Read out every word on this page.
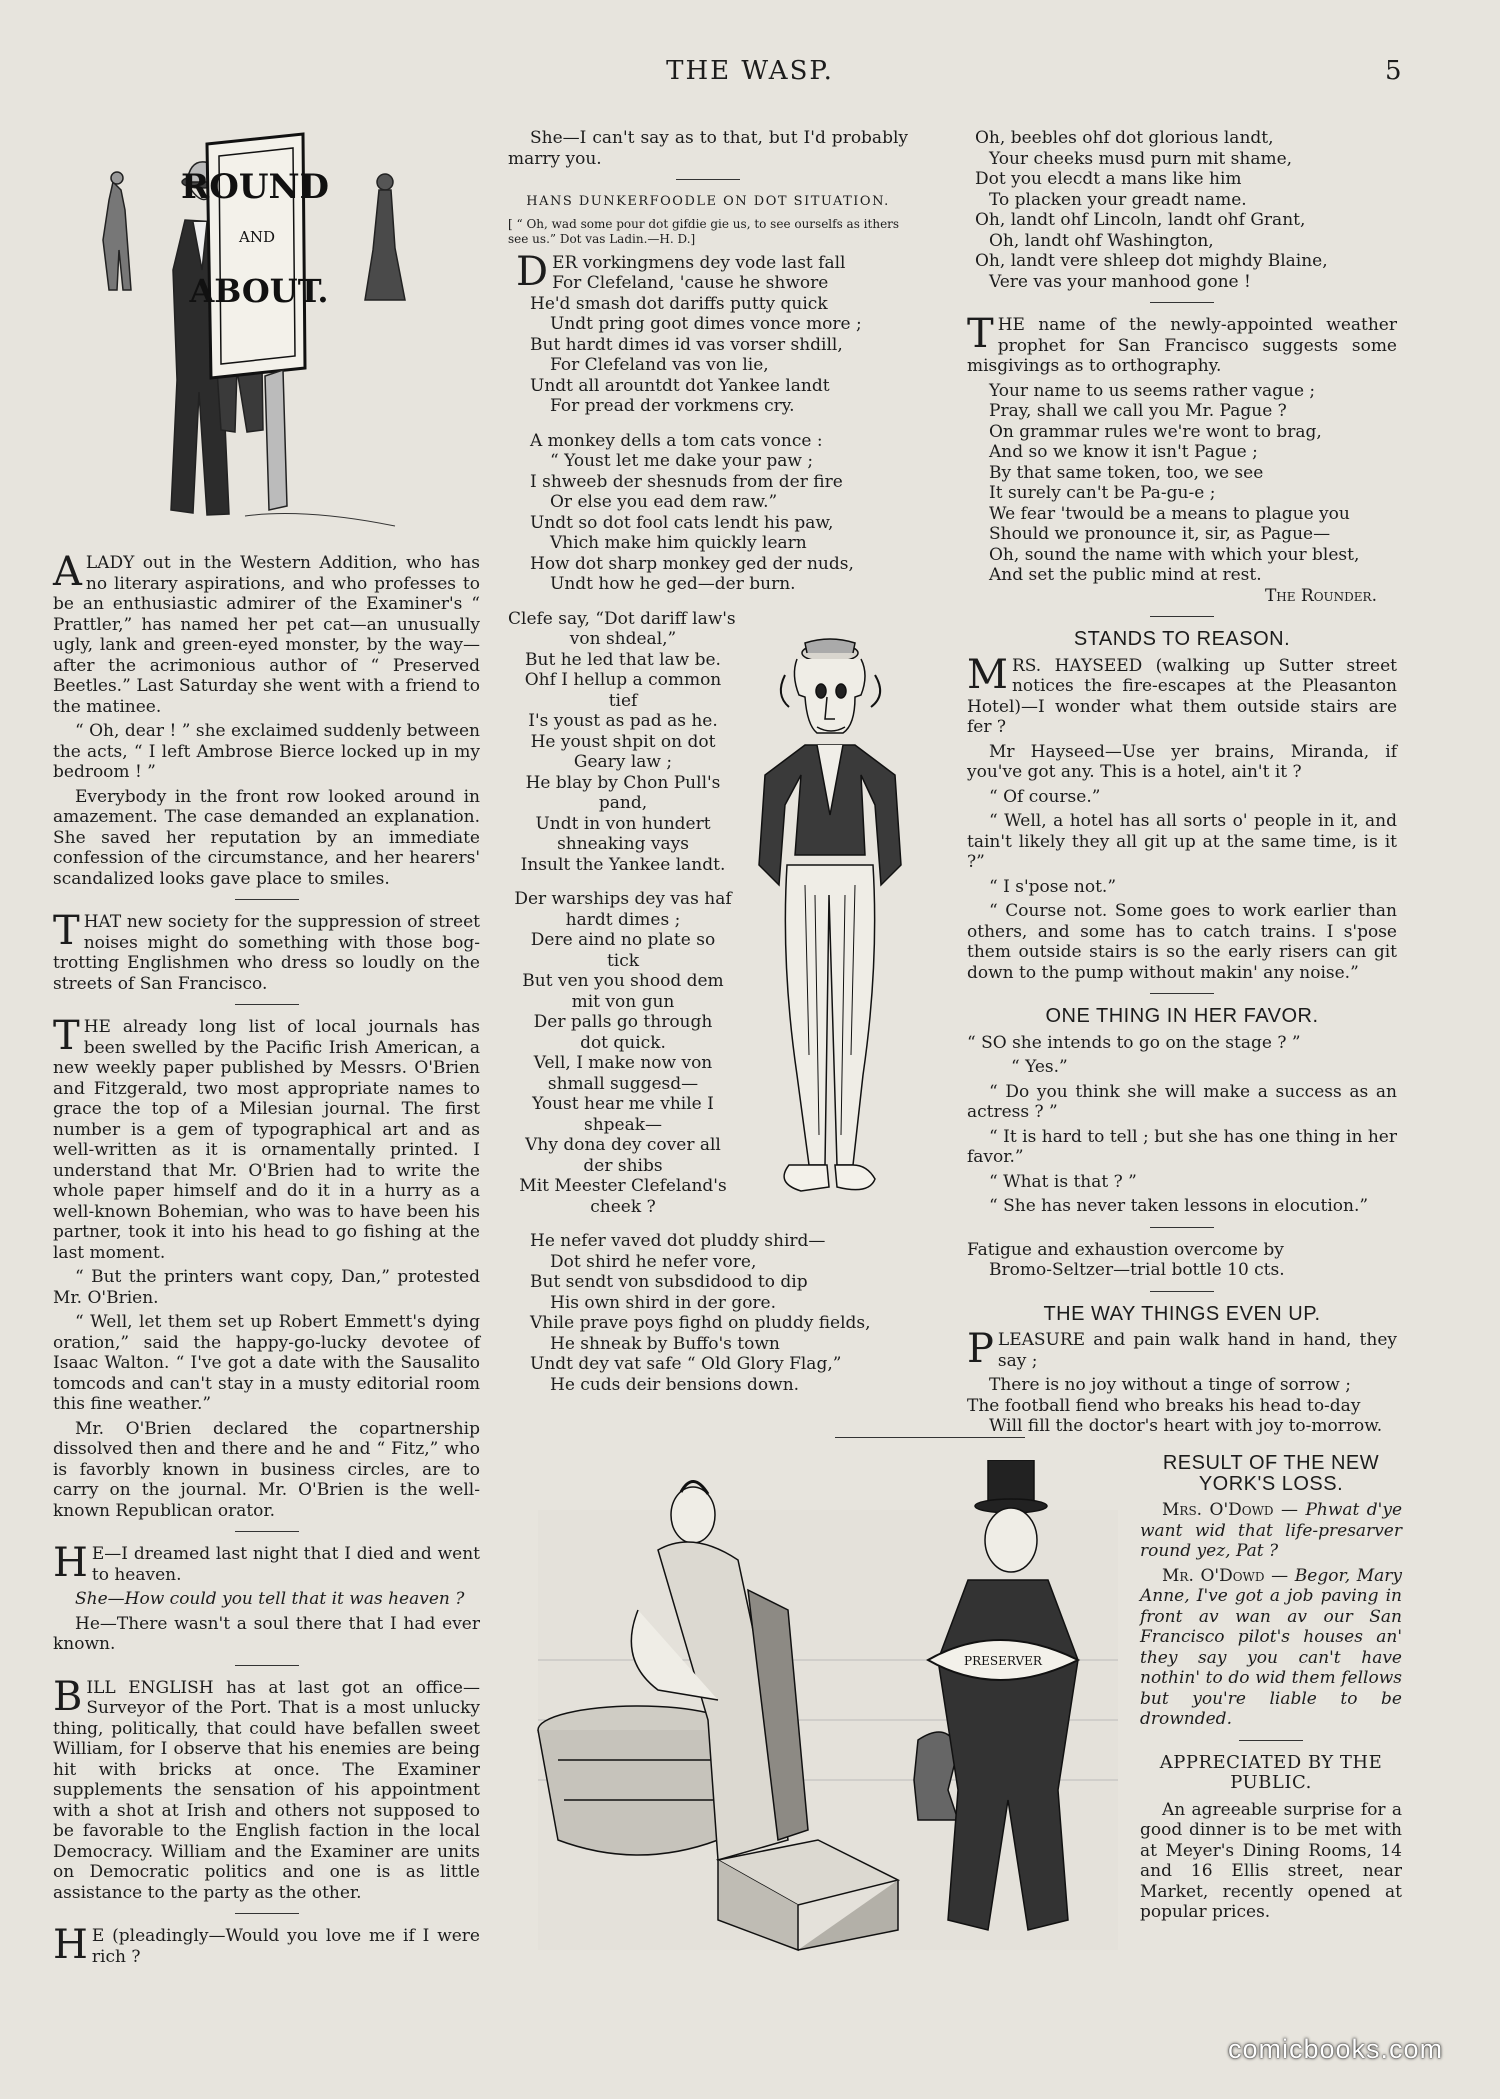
THE WASP.	5
ROUND
AND
ABOUT.

ALADY out in the Western Addition, who has no literary aspirations, and who professes to be an enthusiastic admirer of the Examiner's “ Prattler,” has named her pet cat—an unusually ugly, lank and green-eyed monster, by the way—after the acrimonious author of “ Preserved Beetles.” Last Saturday she went with a friend to the matinee.

“ Oh, dear ! ” she exclaimed suddenly between the acts, “ I left Ambrose Bierce locked up in my bedroom ! ”

Everybody in the front row looked around in amazement. The case demanded an explanation. She saved her reputation by an immediate confession of the circumstance, and her hearers' scandalized looks gave place to smiles.

THAT new society for the suppression of street noises might do something with those bog-trotting Englishmen who dress so loudly on the streets of San Francisco.

THE already long list of local journals has been swelled by the Pacific Irish American, a new weekly paper published by Messrs. O'Brien and Fitzgerald, two most appropriate names to grace the top of a Milesian journal. The first number is a gem of typographical art and as well-written as it is ornamentally printed. I understand that Mr. O'Brien had to write the whole paper himself and do it in a hurry as a well-known Bohemian, who was to have been his partner, took it into his head to go fishing at the last moment.

“ But the printers want copy, Dan,” protested Mr. O'Brien.

“ Well, let them set up Robert Emmett's dying oration,” said the happy-go-lucky devotee of Isaac Walton. “ I've got a date with the Sausalito tomcods and can't stay in a musty editorial room this fine weather.”

Mr. O'Brien declared the copartnership dissolved then and there and he and “ Fitz,” who is favorbly known in business circles, are to carry on the journal. Mr. O'Brien is the well-known Republican orator.

H E—I dreamed last night that I died and went to heaven.

She—How could you tell that it was heaven ?

He—There wasn't a soul there that I had ever known.

BILL ENGLISH has at last got an office—Surveyor of the Port. That is a most unlucky thing, politically, that could have befallen sweet William, for I observe that his enemies are being hit with bricks at once. The Examiner supplements the sensation of his appointment with a shot at Irish and others not supposed to be favorable to the English faction in the local Democracy. William and the Examiner are units on Democratic politics and one is as little assistance to the party as the other.

H E (pleadingly—Would you love me if I were rich ?

She—I can't say as to that, but I'd probably marry you.

HANS DUNKERFOODLE ON DOT SITUATION.
[ “ Oh, wad some pour dot gifdie gie us, to see ourselfs as ithers see us.” Dot vas Ladin.—H. D.]
DER vorkingmens dey vode last fall
For Clefeland, 'cause he shwore
He'd smash dot dariffs putty quick
Undt pring goot dimes vonce more ;
But hardt dimes id vas vorser shdill,
For Clefeland vas von lie,
Undt all arountdt dot Yankee landt
For pread der vorkmens cry.
A monkey dells a tom cats vonce :
“ Youst let me dake your paw ;
I shweeb der shesnuds from der fire
Or else you ead dem raw.”
Undt so dot fool cats lendt his paw,
Vhich make him quickly learn
How dot sharp monkey ged der nuds,
Undt how he ged—der burn.
Clefe say, “Dot dariff law's
von shdeal,”
But he led that law be.
Ohf I hellup a common
tief
I's youst as pad as he.
He youst shpit on dot
Geary law ;
He blay by Chon Pull's
pand,
Undt in von hundert
shneaking vays
Insult the Yankee landt.
Der warships dey vas haf
hardt dimes ;
Dere aind no plate so
tick
But ven you shood dem
mit von gun
Der palls go through
dot quick.
Vell, I make now von
shmall suggesd—
Youst hear me vhile I
shpeak—
Vhy dona dey cover all
der shibs
Mit Meester Clefeland's
cheek ?
He nefer vaved dot pluddy shird—
Dot shird he nefer vore,
But sendt von subsdidood to dip
His own shird in der gore.
Vhile prave poys fighd on pluddy fields,
He shneak by Buffo's town
Undt dey vat safe “ Old Glory Flag,”
He cuds deir bensions down.
Oh, beebles ohf dot glorious landt,
Your cheeks musd purn mit shame,
Dot you elecdt a mans like him
To placken your greadt name.
Oh, landt ohf Lincoln, landt ohf Grant,
Oh, landt ohf Washington,
Oh, landt vere shleep dot mighdy Blaine,
Vere vas your manhood gone !

THE name of the newly-appointed weather prophet for San Francisco suggests some misgivings as to orthography.

Your name to us seems rather vague ;
Pray, shall we call you Mr. Pague ?
On grammar rules we're wont to brag,
And so we know it isn't Pague ;
By that same token, too, we see
It surely can't be Pa-gu-e ;
We fear 'twould be a means to plague you
Should we pronounce it, sir, as Pague—
Oh, sound the name with which your blest,
And set the public mind at rest.
The Rounder.
STANDS TO REASON.

MRS. HAYSEED (walking up Sutter street notices the fire-escapes at the Pleasanton Hotel)—I wonder what them outside stairs are fer ?

Mr Hayseed—Use yer brains, Miranda, if you've got any. This is a hotel, ain't it ?

“ Of course.”

“ Well, a hotel has all sorts o' people in it, and tain't likely they all git up at the same time, is it ?”

“ I s'pose not.”

“ Course not. Some goes to work earlier than others, and some has to catch trains. I s'pose them outside stairs is so the early risers can git down to the pump without makin' any noise.”

ONE THING IN HER FAVOR.

“ SO she intends to go on the stage ? ”

“ Yes.”

“ Do you think she will make a success as an actress ? ”

“ It is hard to tell ; but she has one thing in her favor.”

“ What is that ? ”

“ She has never taken lessons in elocution.”

Fatigue and exhaustion overcome by
Bromo-Seltzer—trial bottle 10 cts.
THE WAY THINGS EVEN UP.

PLEASURE and pain walk hand in hand, they say ;

There is no joy without a tinge of sorrow ;
The football fiend who breaks his head to-day
Will fill the doctor's heart with joy to-morrow.
PRESERVER
RESULT OF THE NEW YORK'S LOSS.

Mrs. O'Dowd — Phwat d'ye want wid that life-presarver round yez, Pat ?

Mr. O'Dowd — Begor, Mary Anne, I've got a job paving in front av wan av our San Francisco pilot's houses an' they say you can't have nothin' to do wid them fellows but you're liable to be drownded.

APPRECIATED BY THE PUBLIC.

An agreeable surprise for a good dinner is to be met with at Meyer's Dining Rooms, 14 and 16 Ellis street, near Market, recently opened at popular prices.

comicbooks.com
